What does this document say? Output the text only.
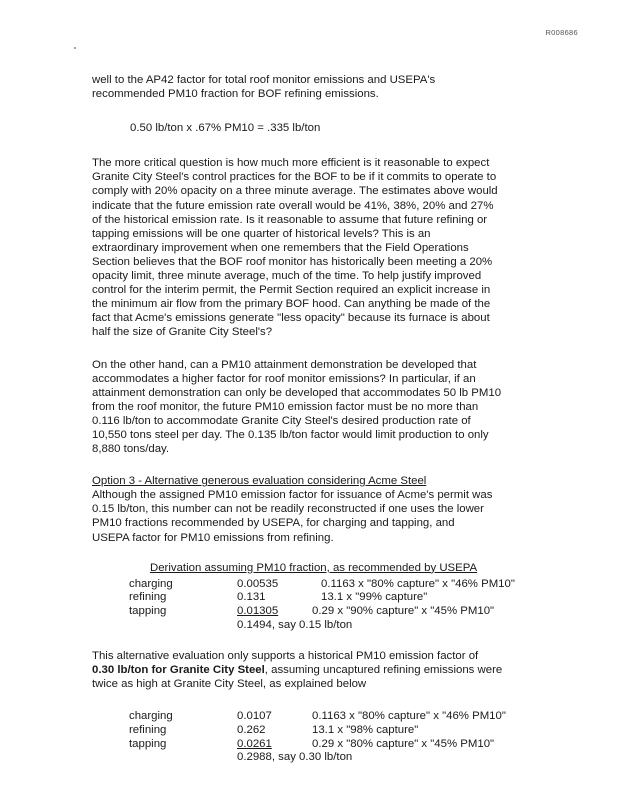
R008686

well to the AP42 factor for total roof monitor emissions and USEPA's
recommended PM10 fraction for BOF refining emissions.

0.50 lb/ton x .67% PM10 = .335 lb/ton

The more critical question is how much more efficient is it reasonable to expect
Granite City Steel's control practices for the BOF to be if it commits to operate to
comply with 20% opacity on a three minute average. The estimates above would
indicate that the future emission rate overall would be 41%, 38%, 20% and 27%
of the historical emission rate. Is it reasonable to assume that future refining or
tapping emissions will be one quarter of historical levels? This is an
extraordinary improvement when one remembers that the Field Operations
Section believes that the BOF roof monitor has historically been meeting a 20%
opacity limit, three minute average, much of the time. To help justify improved
control for the interim permit, the Permit Section required an explicit increase in
the minimum air flow from the primary BOF hood. Can anything be made of the
fact that Acme's emissions generate "less opacity" because its furnace is about
half the size of Granite City Steel's?

On the other hand, can a PM10 attainment demonstration be developed that
accommodates a higher factor for roof monitor emissions? In particular, if an
attainment demonstration can only be developed that accommodates 50 lb PM10
from the roof monitor, the future PM10 emission factor must be no more than
0.116 lb/ton to accommodate Granite City Steel's desired production rate of
10,550 tons steel per day. The 0.135 lb/ton factor would limit production to only
8,880 tons/day.

Option 3 - Alternative generous evaluation considering Acme Steel
Although the assigned PM10 emission factor for issuance of Acme's permit was
0.15 lb/ton, this number can not be readily reconstructed if one uses the lower
PM10 fractions recommended by USEPA, for charging and tapping, and
USEPA factor for PM10 emissions from refining.

Derivation assuming PM10 fraction, as recommended by USEPA

charging	0.00535	0.1163 x "80% capture" x "46% PM10"
refining	0.131	13.1 x "99% capture"
tapping	0.01305	0.29 x "90% capture" x "45% PM10"
0.1494, say 0.15 lb/ton

This alternative evaluation only supports a historical PM10 emission factor of
0.30 lb/ton for Granite City Steel, assuming uncaptured refining emissions were
twice as high at Granite City Steel, as explained below

charging	0.0107	0.1163 x "80% capture" x "46% PM10"
refining	0.262	13.1 x "98% capture"
tapping	0.0261	0.29 x "80% capture" x "45% PM10"
0.2988, say 0.30 lb/ton
